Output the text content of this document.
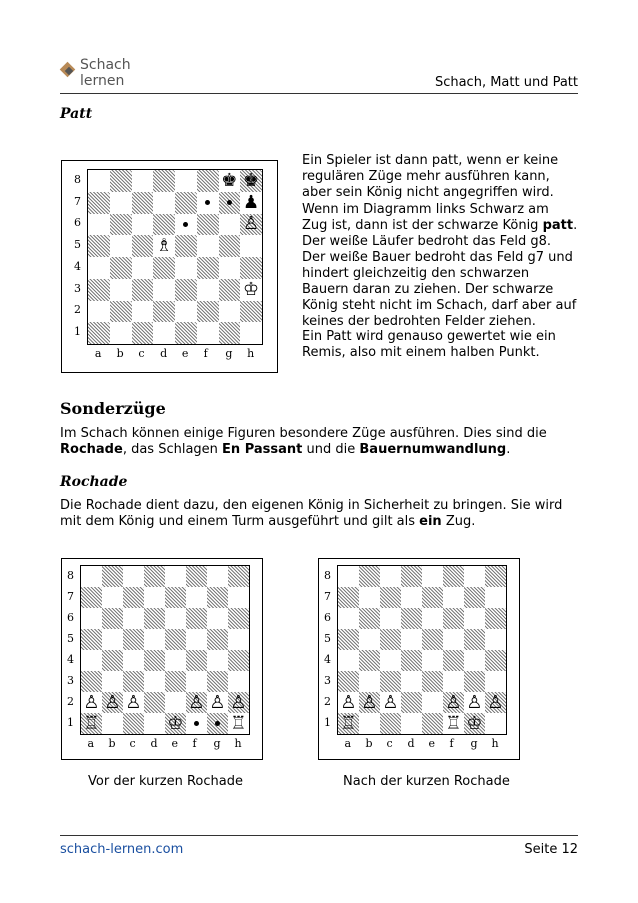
Schach
lernen	Schach, Matt und Patt
Patt
♚ ♚
♟
♙
♗
♔
8
7
6
5
4
3
2
1
a b c d e f g h
Ein Spieler ist dann patt, wenn er keine regulären Züge mehr ausführen kann, aber sein König nicht angegriffen wird.
Wenn im Diagramm links Schwarz am Zug ist, dann ist der schwarze König patt. Der weiße Läufer bedroht das Feld g8. Der weiße Bauer bedroht das Feld g7 und hindert gleichzeitig den schwarzen Bauern daran zu ziehen. Der schwarze König steht nicht im Schach, darf aber auf keines der bedrohten Felder ziehen.
Ein Patt wird genauso gewertet wie ein Remis, also mit einem halben Punkt.
Sonderzüge
Im Schach können einige Figuren besondere Züge ausführen. Dies sind die Rochade, das Schlagen En Passant und die Bauernumwandlung.
Rochade
Die Rochade dient dazu, den eigenen König in Sicherheit zu bringen. Sie wird mit dem König und einem Turm ausgeführt und gilt als ein Zug.
♙ ♙ ♙	♙ ♙ ♙
♖	♔	♖
8
7
6
5
4
3
2
1
a b c d e f g h
♙ ♙ ♙	♙ ♙ ♙
♖	♖ ♔
8
7
6
5
4
3
2
1
a b c d e f g h
Vor der kurzen Rochade	Nach der kurzen Rochade
schach-lernen.com	Seite 12
